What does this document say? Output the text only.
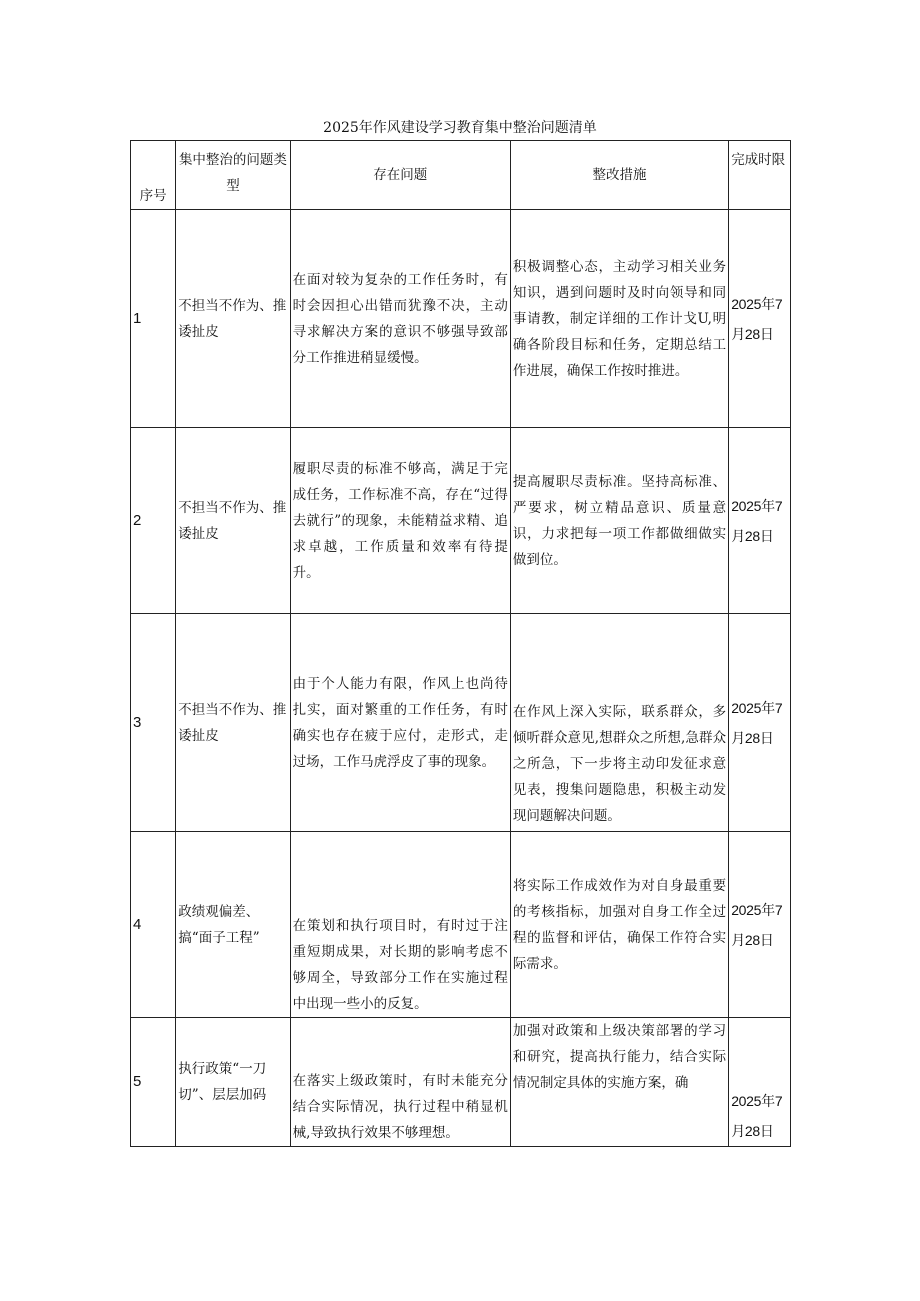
2025年作风建设学习教育集中整治问题清单
序号	集中整治的问题类型	存在问题	整改措施	完成时限
1	不担当不作为、推诿扯皮	在面对较为复杂的工作任务时，有时会因担心出错而犹豫不决，主动寻求解决方案的意识不够强导致部分工作推进稍显缓慢。	积极调整心态，主动学习相关业务知识，遇到问题时及时向领导和同事请教，制定详细的工作计戈U,明确各阶段目标和任务，定期总结工作进展，确保工作按时推进。	2025年7月28日
2	不担当不作为、推诿扯皮	履职尽责的标准不够高，满足于完成任务，工作标准不高，存在“过得去就行”的现象，未能精益求精、追求卓越，工作质量和效率有待提升。	提高履职尽责标准。坚持高标准、严要求，树立精品意识、质量意识，力求把每一项工作都做细做实做到位。	2025年7月28日
3	不担当不作为、推诿扯皮	由于个人能力有限，作风上也尚待扎实，面对繁重的工作任务，有时确实也存在疲于应付，走形式，走过场，工作马虎浮皮了事的现象。	在作风上深入实际，联系群众，多倾听群众意见,想群众之所想,急群众之所急，下一步将主动印发征求意见表，搜集问题隐患，积极主动发现问题解决问题。	2025年7月28日
4	政绩观偏差、搞“面子工程”	在策划和执行项目时，有时过于注重短期成果，对长期的影响考虑不够周全，导致部分工作在实施过程中出现一些小的反复。	将实际工作成效作为对自身最重要的考核指标，加强对自身工作全过程的监督和评估，确保工作符合实际需求。	2025年7月28日
5	执行政策“一刀切”、层层加码	在落实上级政策时，有时未能充分结合实际情况，执行过程中稍显机械,导致执行效果不够理想。	加强对政策和上级决策部署的学习和研究，提高执行能力，结合实际情况制定具体的实施方案，确	2025年7月28日
